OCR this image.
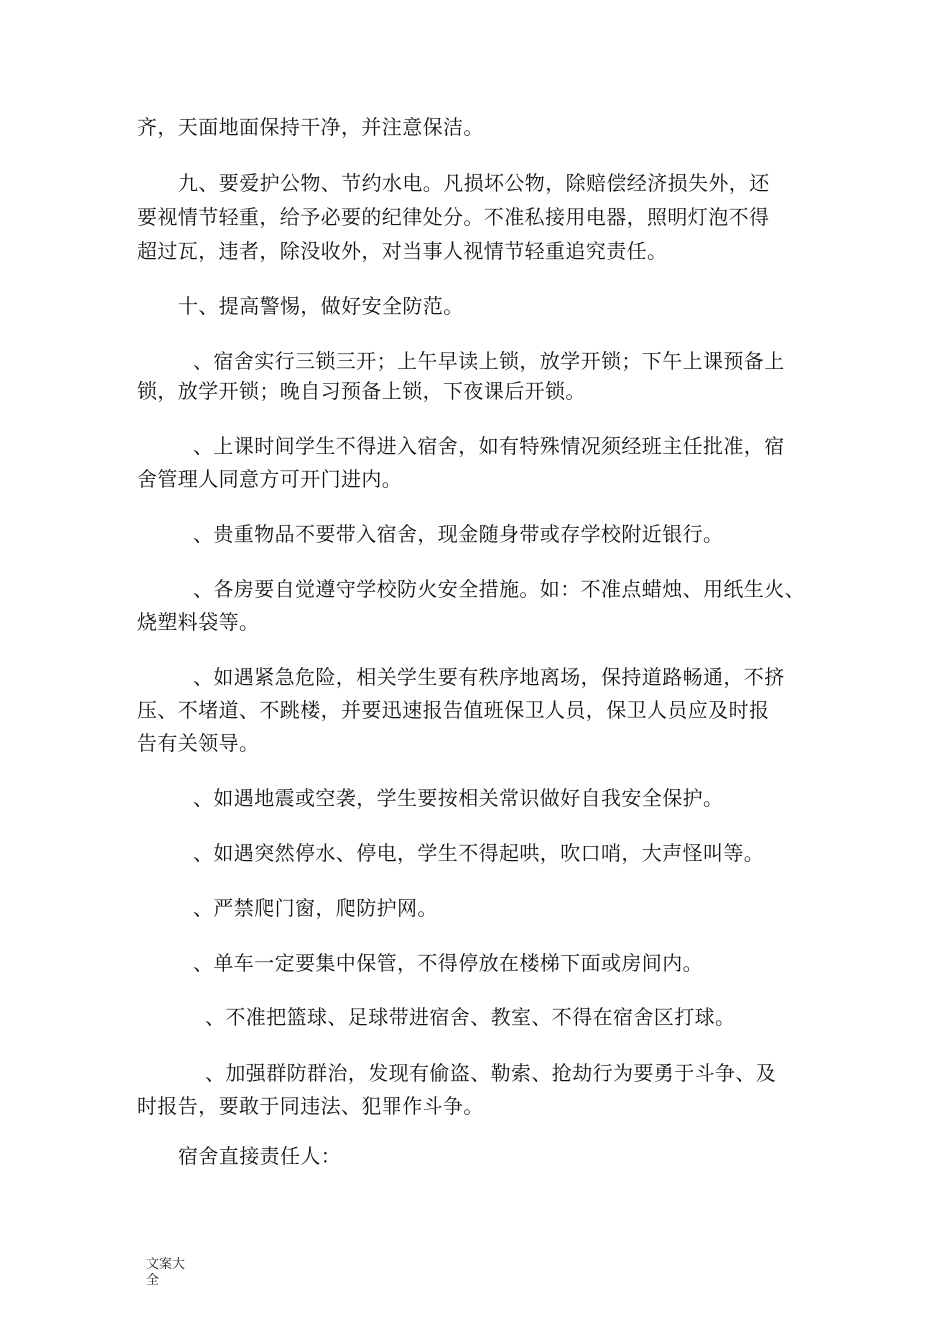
齐，天面地面保持干净，并注意保洁。
九、要爱护公物、节约水电。凡损坏公物，除赔偿经济损失外，还
要视情节轻重，给予必要的纪律处分。不准私接用电器，照明灯泡不得
超过瓦，违者，除没收外，对当事人视情节轻重追究责任。
十、提高警惕，做好安全防范。
、宿舍实行三锁三开；上午早读上锁，放学开锁；下午上课预备上
锁，放学开锁；晚自习预备上锁，下夜课后开锁。
、上课时间学生不得进入宿舍，如有特殊情况须经班主任批准，宿
舍管理人同意方可开门进内。
、贵重物品不要带入宿舍，现金随身带或存学校附近银行。
、各房要自觉遵守学校防火安全措施。如：不准点蜡烛、用纸生火、
烧塑料袋等。
、如遇紧急危险，相关学生要有秩序地离场，保持道路畅通，不挤
压、不堵道、不跳楼，并要迅速报告值班保卫人员，保卫人员应及时报
告有关领导。
、如遇地震或空袭，学生要按相关常识做好自我安全保护。
、如遇突然停水、停电，学生不得起哄，吹口哨，大声怪叫等。
、严禁爬门窗，爬防护网。
、单车一定要集中保管，不得停放在楼梯下面或房间内。
、不准把篮球、足球带进宿舍、教室、不得在宿舍区打球。
、加强群防群治，发现有偷盗、勒索、抢劫行为要勇于斗争、及
时报告，要敢于同违法、犯罪作斗争。
宿舍直接责任人：
文案大全
